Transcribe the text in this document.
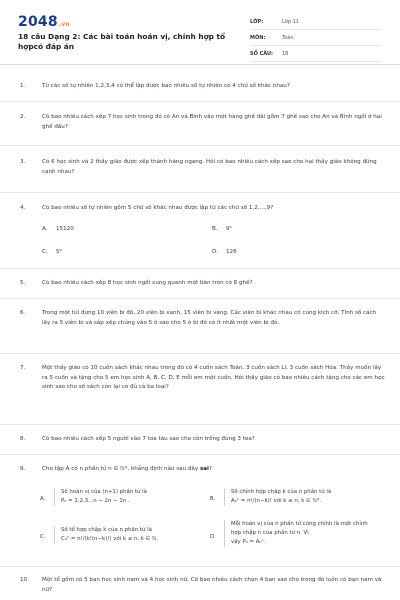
2048.vn
18 câu Dạng 2: Các bài toán hoán vị, chỉnh hợp tổ hợpcó đáp án
LỚP:	Lớp 11
MÔN:	Toán
SỐ CÂU:	18
1.	Từ các số tự nhiên 1,2,3,4 có thể lập được bao nhiêu số tự nhiên có 4 chữ số khác nhau?
2.	Có bao nhiêu cách xếp 7 học sinh trong đó có An và Bình vào một hàng ghế dài gồm 7 ghế sao cho An và Bình ngồi ở hai ghế đầu?
3.	Có 6 học sinh và 2 thầy giáo được xếp thành hàng ngang. Hỏi có bao nhiêu cách xếp sao cho hai thầy giáo không đứng cạnh nhau?
4.	Có bao nhiêu số tự nhiên gồm 5 chữ số khác nhau được lập từ các chữ số 1,2,...,9?
A. 15120	B. 9⁵
C. 5⁹	D. 126
5.	Có bao nhiêu cách xếp 8 học sinh ngồi xung quanh một bàn tròn có 8 ghế?
6.	Trong một túi đựng 10 viên bi đỏ, 20 viên bi xanh, 15 viên bi vàng. Các viên bi khác nhau có cùng kích cỡ. Tính số cách lấy ra 5 viên bi và sắp xếp chúng vào 5 ô sao cho 5 ô bi đó có ít nhất một viên bi đỏ.
7.	Một thầy giáo có 10 cuốn sách khác nhau trong đó có 4 cuốn sách Toán, 3 cuốn sách Lí, 3 cuốn sách Hóa. Thầy muốn lấy ra 5 cuốn và tặng cho 5 em học sinh A, B, C, D, E mỗi em một cuốn. Hỏi thầy giáo có bao nhiêu cách tặng cho các em học sinh sao cho số sách còn lại có đủ cả ba loại?
8.	Có bao nhiêu cách xếp 5 người vào 7 toa tàu sao cho còn trống đúng 3 toa?
9.	Cho tập A có n phần tử n ∈ ℕ*, khẳng định nào sau đây sai?
A.
Số hoán vị của (n+1) phần tử là
Pₙ = 1.2.3...n − 2n − 1n .	B.
Số chỉnh hợp chập k của n phần tử là
Aₙᵏ = n!/(n−k)! với k ≤ n, k ∈ ℕ*.
C.
Số tổ hợp chập k của n phần tử là
Cₙᵏ = n!/(k!(n−k)!) với k ≤ n, k ∈ ℕ.	D.
Mỗi hoán vị của n phần tử cũng chính là một chỉnh hợp chập n của phần tử n. Vì
vậy Pₙ = Aₙⁿ.
10.	Một tổ gồm có 5 bạn học sinh nam và 4 học sinh nữ. Có bao nhiêu cách chọn 4 bạn sao cho trong đó luôn có bạn nam và nữ?
